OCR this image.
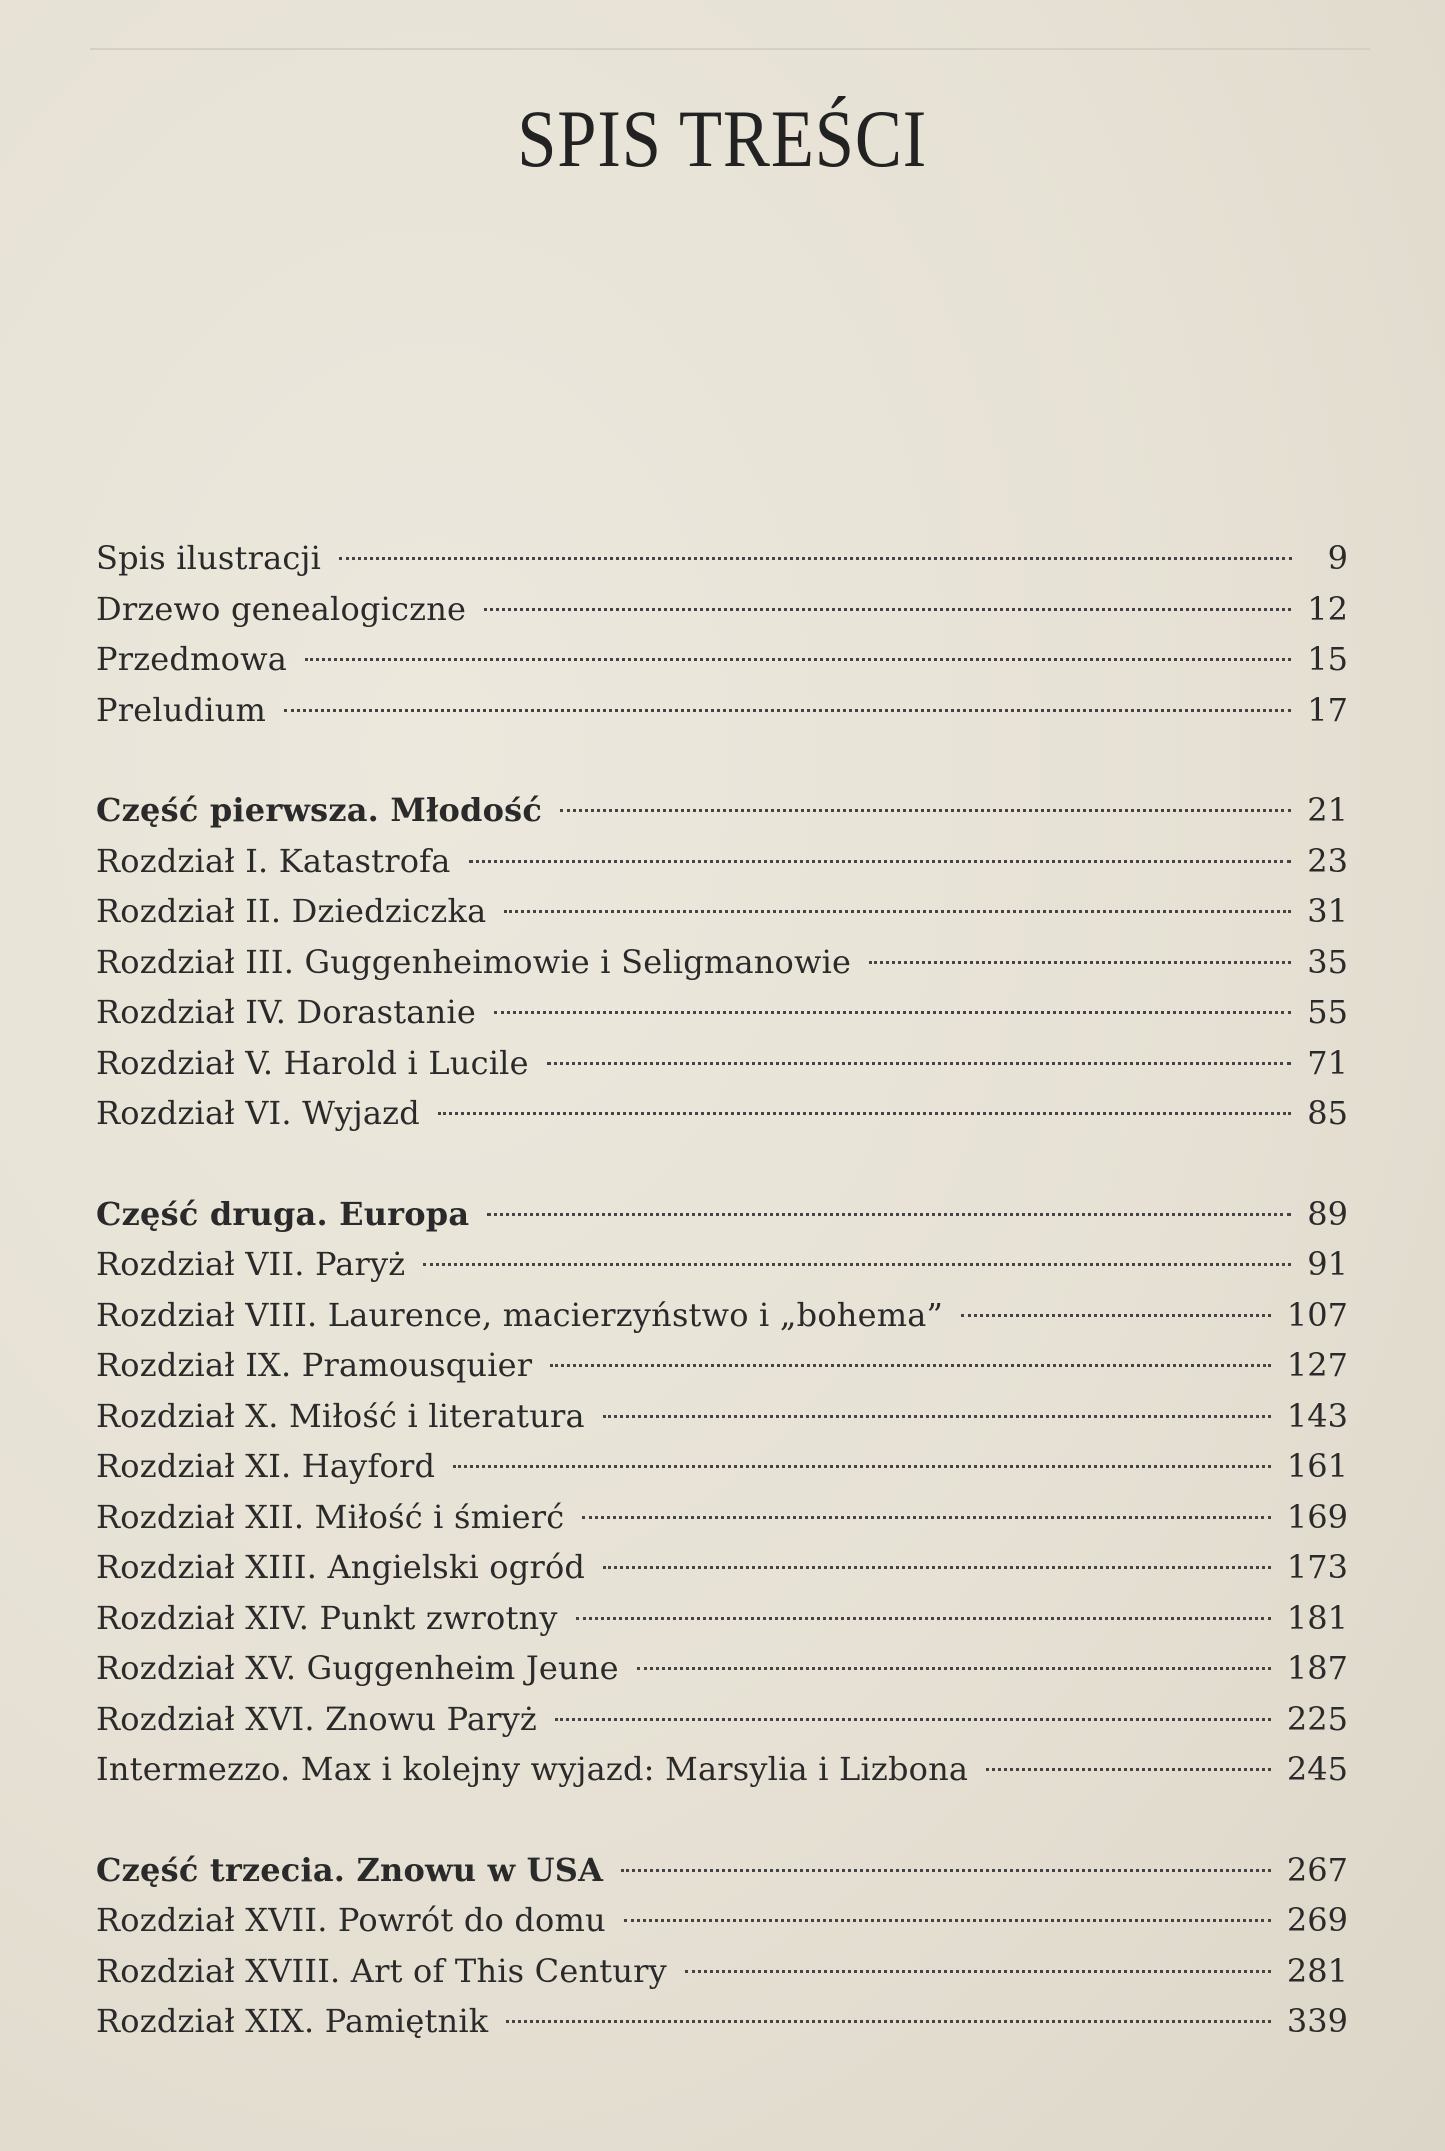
SPIS TREŚCI
Spis ilustracji	9
Drzewo genealogiczne	12
Przedmowa	15
Preludium	17
Część pierwsza. Młodość	21
Rozdział I. Katastrofa	23
Rozdział II. Dziedziczka	31
Rozdział III. Guggenheimowie i Seligmanowie	35
Rozdział IV. Dorastanie	55
Rozdział V. Harold i Lucile	71
Rozdział VI. Wyjazd	85
Część druga. Europa	89
Rozdział VII. Paryż	91
Rozdział VIII. Laurence, macierzyństwo i „bohema”	107
Rozdział IX. Pramousquier	127
Rozdział X. Miłość i literatura	143
Rozdział XI. Hayford	161
Rozdział XII. Miłość i śmierć	169
Rozdział XIII. Angielski ogród	173
Rozdział XIV. Punkt zwrotny	181
Rozdział XV. Guggenheim Jeune	187
Rozdział XVI. Znowu Paryż	225
Intermezzo. Max i kolejny wyjazd: Marsylia i Lizbona	245
Część trzecia. Znowu w USA	267
Rozdział XVII. Powrót do domu	269
Rozdział XVIII. Art of This Century	281
Rozdział XIX. Pamiętnik	339
